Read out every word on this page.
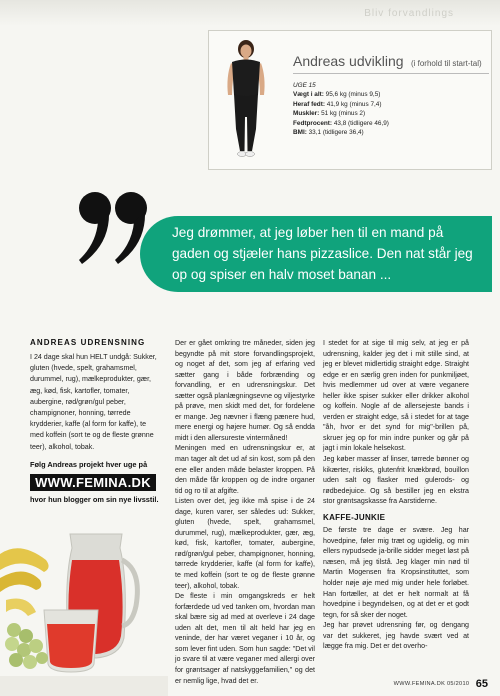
Bliv forvandlings
Andreas udvikling (i forhold til start-tal)
UGE 15
Vægt i alt: 95,6 kg (minus 9,5)
Heraf fedt: 41,9 kg (minus 7,4)
Muskler: 51 kg (minus 2)
Fedtprocent: 43,8 (tidligere 46,9)
BMI: 33,1 (tidligere 36,4)
Jeg drømmer, at jeg løber hen til en mand på gaden og stjæler hans pizzaslice. Den nat står jeg op og spiser en halv moset banan ...

ANDREAS UDRENSNING

I 24 dage skal hun HELT undgå: Sukker, gluten (hvede, spelt, grahamsmel, durummel, rug), mælkeprodukter, gær, æg, kød, fisk, kartofler, tomater, aubergine, rød/grøn/gul peber, champignoner, honning, tørrede krydderier, kaffe (al form for kaffe), te med koffein (sort te og de fleste grønne teer), alkohol, tobak.

Følg Andreas projekt hver uge på
WWW.FEMINA.DK
hvor hun blogger om sin nye livsstil.

Der er gået omkring tre måneder, siden jeg begyndte på mit store forvandlingsprojekt, og noget af det, som jeg af erfaring ved sætter gang i både forbrænding og forvandling, er en udrensningskur. Det sætter også planlægningsevne og viljestyrke på prøve, men skidt med det, for fordelene er mange. Jeg nævner i flæng pænere hud, mere energi og højere humør. Og så endda midt i den allersureste vintermåned!

Meningen med en udrensningskur er, at man tager alt det ud af sin kost, som på den ene eller anden måde belaster kroppen. På den måde får kroppen og de indre organer tid og ro til at afgifte.

Listen over det, jeg ikke må spise i de 24 dage, kuren varer, ser således ud: Sukker, gluten (hvede, spelt, grahamsmel, durummel, rug), mælkeprodukter, gær, æg, kød, fisk, kartofler, tomater, aubergine, rød/grøn/gul peber, champignoner, honning, tørrede krydderier, kaffe (al form for kaffe), te med koffein (sort te og de fleste grønne teer), alkohol, tobak.

De fleste i min omgangskreds er helt forfærdede ud ved tanken om, hvordan man skal bære sig ad med at overleve i 24 dage uden alt det, men til alt held har jeg en veninde, der har været veganer i 10 år, og som lever fint uden. Som hun sagde: "Det vil jo svare til at være veganer med allergi over for grøntsager af natskyggefamilien," og det er nemlig lige, hvad det er.

I stedet for at sige til mig selv, at jeg er på udrensning, kalder jeg det i mit stille sind, at jeg er blevet midlertidig straight edge. Straight edge er en særlig gren inden for punkmiljøet, hvis medlemmer ud over at være veganere heller ikke spiser sukker eller drikker alkohol og koffein. Nogle af de allersejeste bands i verden er straight edge, så i stedet for at tage "åh, hvor er det synd for mig"-brillen på, skruer jeg op for min indre punker og går på jagt i min lokale helsekost.

Jeg køber masser af linser, tørrede bønner og kikærter, riskiks, glutenfrit knækbrød, bouillon uden salt og flasker med gulerods- og rødbedejuice. Og så bestiller jeg en ekstra stor grøntsagskasse fra Aarstiderne.

KAFFE-JUNKIE

De første tre dage er svære. Jeg har hovedpine, føler mig træt og ugidelig, og min ellers nypudsede ja-brille sidder meget løst på næsen, må jeg tilstå. Jeg klager min nød til Martin Mogensen fra Kropsinstituttet, som holder nøje øje med mig under hele forløbet. Han fortæller, at det er helt normalt at få hovedpine i begyndelsen, og at det er et godt tegn, for så sker der noget.

Jeg har prøvet udrensning før, og dengang var det sukkeret, jeg havde svært ved at lægge fra mig. Det er det overho-

WWW.FEMINA.DK 05/2010 65
